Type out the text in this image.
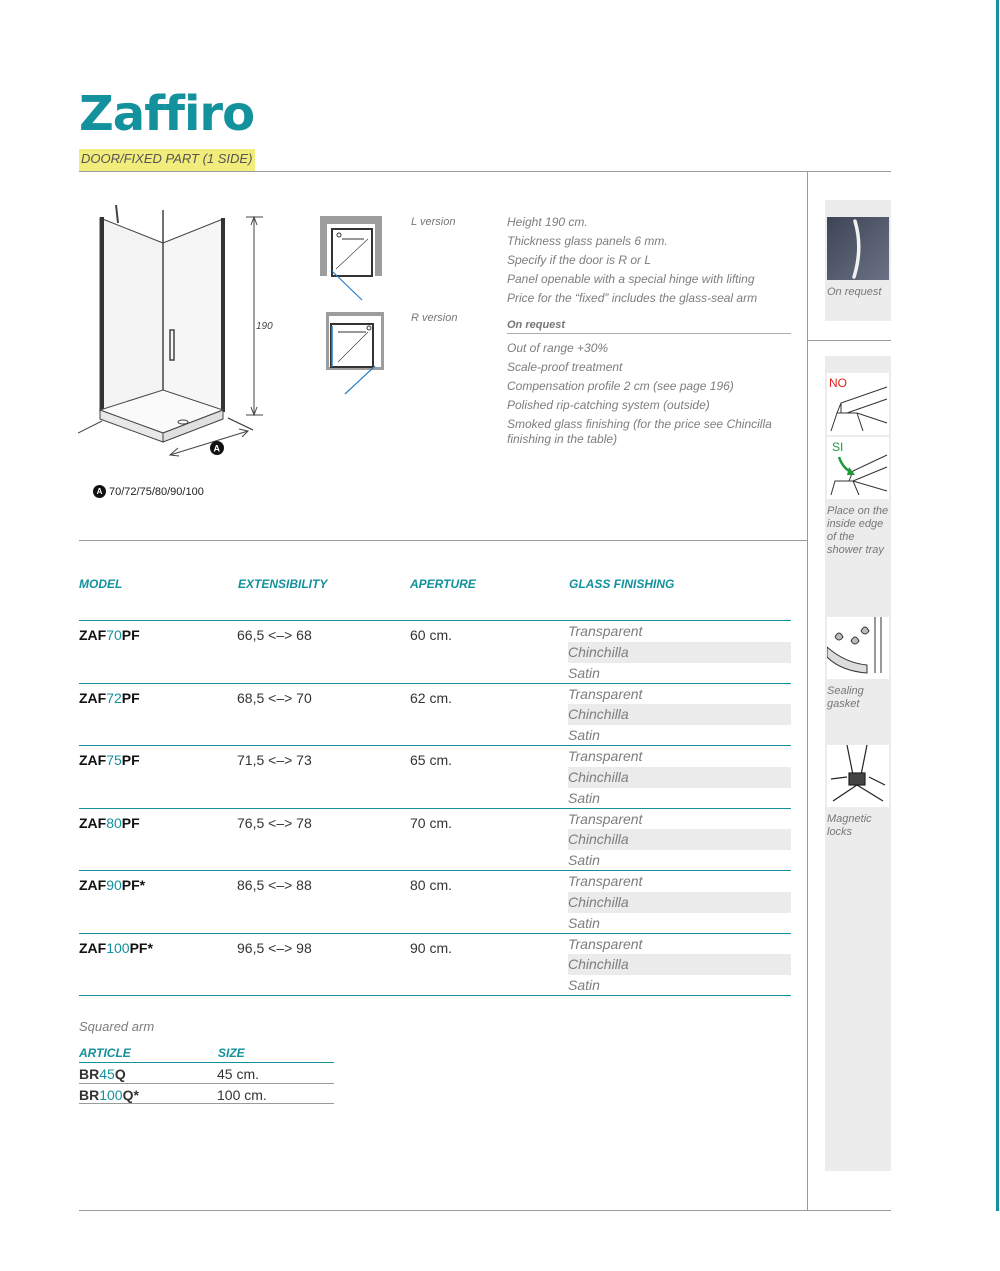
Zaffiro
DOOR/FIXED PART (1 SIDE)
190
A
A 70/72/75/80/90/100
L version
R version
Height 190 cm.
Thickness glass panels 6 mm.
Specify if the door is R or L
Panel openable with a special hinge with lifting
Price for the “fixed” includes the glass-seal arm
On request
Out of range +30%
Scale-proof treatment
Compensation profile 2 cm (see page 196)
Polished rip-catching system (outside)
Smoked glass finishing (for the price see Chincilla finishing in the table)
MODEL	EXTENSIBILITY	APERTURE	GLASS FINISHING
ZAF70PF	66,5 <–> 68	60 cm.	Transparent
Chinchilla
Satin
ZAF72PF	68,5 <–> 70	62 cm.	Transparent
Chinchilla
Satin
ZAF75PF	71,5 <–> 73	65 cm.	Transparent
Chinchilla
Satin
ZAF80PF	76,5 <–> 78	70 cm.	Transparent
Chinchilla
Satin
ZAF90PF*	86,5 <–> 88	80 cm.	Transparent
Chinchilla
Satin
ZAF100PF*	96,5 <–> 98	90 cm.	Transparent
Chinchilla
Satin
Squared arm
ARTICLE	SIZE
BR45Q	45 cm.
BR100Q*	100 cm.
On request
NO
SI
Place on the inside edge of the shower tray
Sealing gasket
Magnetic locks
